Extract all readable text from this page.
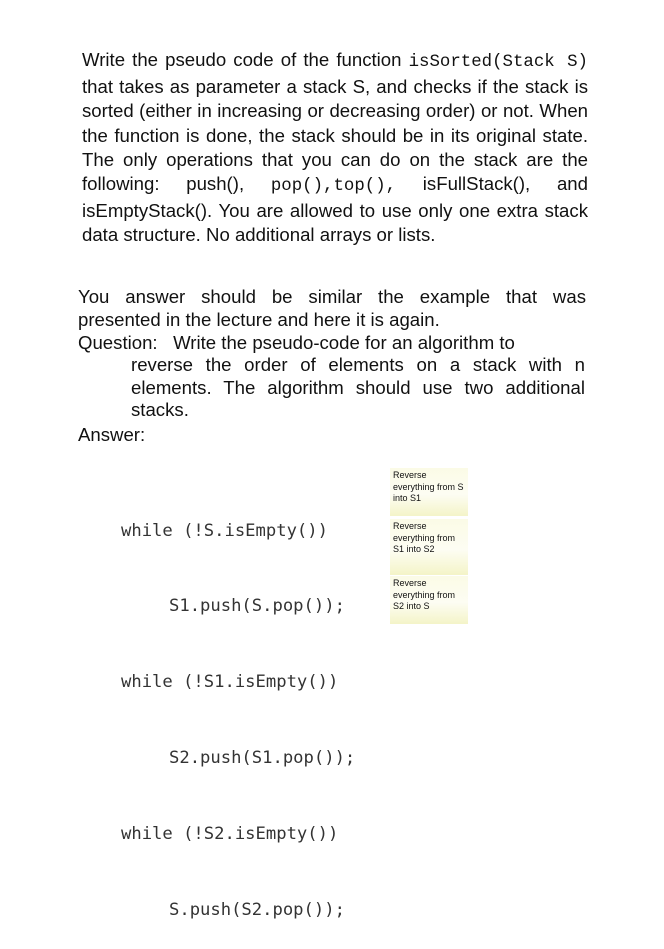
Write the pseudo code of the function isSorted(Stack S) that takes as parameter a stack S, and checks if the stack is sorted (either in increasing or decreasing order) or not. When the function is done, the stack should be in its original state. The only operations that you can do on the stack are the following: push(), pop(),top(), isFullStack(), and isEmptyStack(). You are allowed to use only one extra stack data structure. No additional arrays or lists.
You answer should be similar the example that was presented in the lecture and here it is again.
Question: Write the pseudo-code for an algorithm to
reverse the order of elements on a stack with n elements. The algorithm should use two additional stacks.
Answer:

while (!S.isEmpty())

S1.push(S.pop());

while (!S1.isEmpty())

S2.push(S1.pop());

while (!S2.isEmpty())

S.push(S2.pop());

Reverse everything from S into S1
Reverse everything from S1 into S2
Reverse everything from S2 into S
